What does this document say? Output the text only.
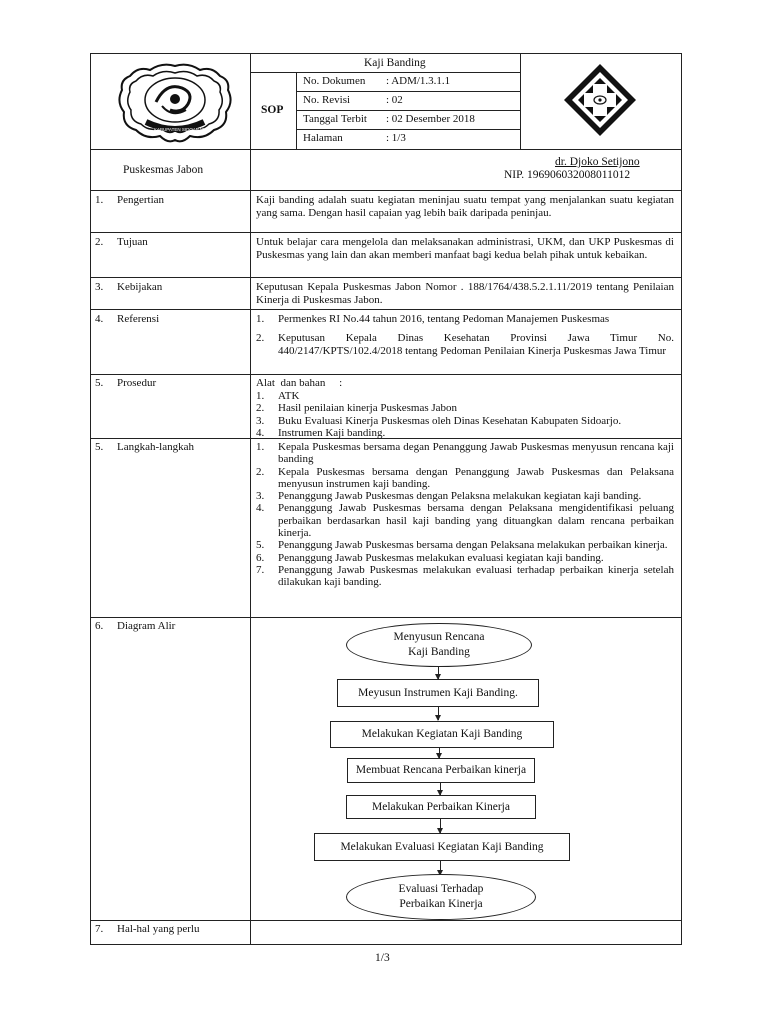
KABUPATEN SIDOARJO
Kaji Banding
SOP
No. Dokumen : ADM/1.3.1.1
No. Revisi	: 02
Tanggal Terbit : 02 Desember 2018
Halaman	: 1/3
Puskesmas Jabon
dr. Djoko Setijono
NIP. 196906032008011012
1. Pengertian
2. Tujuan
3. Kebijakan
4. Referensi
5. Prosedur
5. Langkah-langkah
6. Diagram Alir
7. Hal-hal yang perlu
Kaji banding adalah suatu kegiatan meninjau suatu tempat yang menjalankan suatu kegiatan yang sama. Dengan hasil capaian yag lebih baik daripada peninjau.
Untuk belajar cara mengelola dan melaksanakan administrasi, UKM, dan UKP Puskesmas di Puskesmas yang lain dan akan memberi manfaat bagi kedua belah pihak untuk kebaikan.
Keputusan Kepala Puskesmas Jabon Nomor . 188/1764/438.5.2.1.11/2019 tentang Penilaian Kinerja di Puskesmas Jabon.
1. Permenkes RI No.44 tahun 2016, tentang Pedoman Manajemen Puskesmas
2. Keputusan Kepala Dinas Kesehatan Provinsi Jawa Timur No. 440/2147/KPTS/102.4/2018 tentang Pedoman Penilaian Kinerja Puskesmas Jawa Timur
Alat  dan bahan     :
1. ATK
2. Hasil penilaian kinerja Puskesmas Jabon
3. Buku Evaluasi Kinerja Puskesmas oleh Dinas Kesehatan Kabupaten Sidoarjo.
4. Instrumen Kaji banding.
1. Kepala Puskesmas bersama degan Penanggung Jawab Puskesmas menyusun rencana kaji banding
2. Kepala Puskesmas bersama dengan Penanggung Jawab Puskesmas dan Pelaksana menyusun instrumen kaji banding.
3. Penanggung Jawab Puskesmas dengan Pelaksna melakukan kegiatan kaji banding.
4. Penanggung Jawab Puskesmas bersama dengan Pelaksana mengidentifikasi peluang perbaikan berdasarkan hasil kaji banding yang dituangkan dalam rencana perbaikan kinerja.
5. Penanggung Jawab Puskesmas bersama dengan Pelaksana melakukan perbaikan kinerja.
6. Penanggung Jawab Puskesmas melakukan evaluasi kegiatan kaji banding.
7. Penanggung Jawab Puskesmas melakukan evaluasi terhadap perbaikan kinerja setelah dilakukan kaji banding.
Menyusun Rencana
Kaji Banding
Meyusun Instrumen Kaji Banding.
Melakukan Kegiatan Kaji Banding
Membuat Rencana Perbaikan kinerja
Melakukan Perbaikan Kinerja
Melakukan Evaluasi Kegiatan Kaji Banding
Evaluasi Terhadap
Perbaikan Kinerja
1/3
